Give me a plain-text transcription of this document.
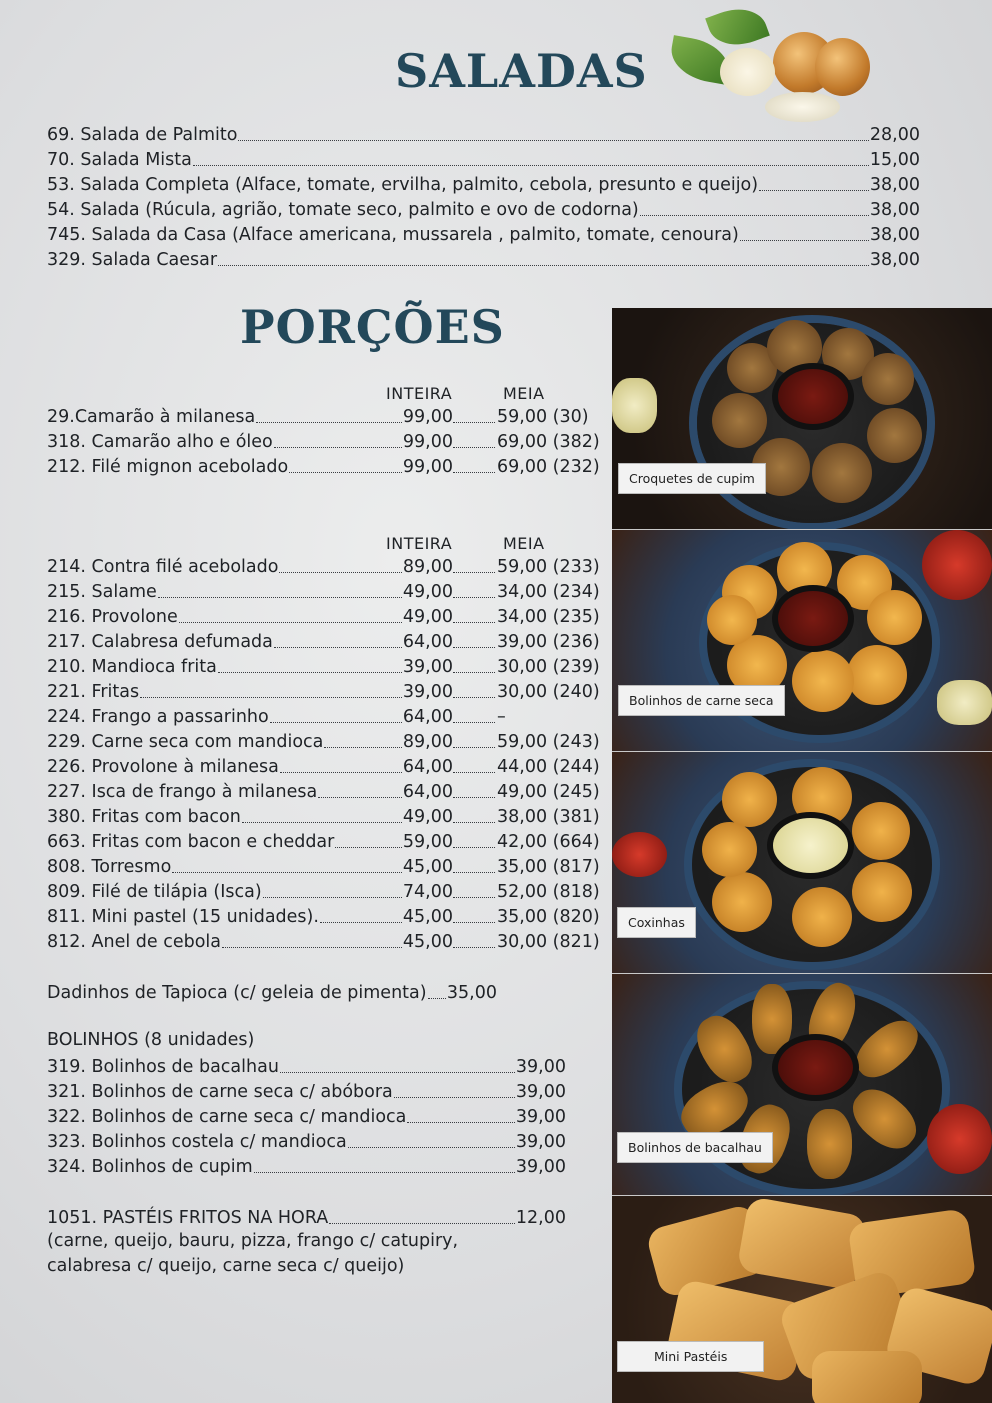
SALADAS
69. Salada de Palmito	28,00
70. Salada Mista	15,00
53. Salada Completa (Alface, tomate, ervilha, palmito, cebola, presunto e queijo)	38,00
54. Salada (Rúcula, agrião, tomate seco, palmito e ovo de codorna)	38,00
745. Salada da Casa (Alface americana, mussarela , palmito, tomate, cenoura)	38,00
329. Salada Caesar	38,00
PORÇÕES
INTEIRA	MEIA
29.Camarão à milanesa	99,00	59,00 (30)
318. Camarão alho e óleo	99,00	69,00 (382)
212. Filé mignon acebolado	99,00	69,00 (232)
INTEIRA	MEIA
214. Contra filé acebolado	89,00	59,00 (233)
215. Salame	49,00	34,00 (234)
216. Provolone	49,00	34,00 (235)
217. Calabresa defumada	64,00	39,00 (236)
210. Mandioca frita	39,00	30,00 (239)
221. Fritas	39,00	30,00 (240)
224. Frango a passarinho	64,00	–
229. Carne seca com mandioca	89,00	59,00 (243)
226. Provolone à milanesa	64,00	44,00 (244)
227. Isca de frango à milanesa	64,00	49,00 (245)
380. Fritas com bacon	49,00	38,00 (381)
663. Fritas com bacon e cheddar	59,00	42,00 (664)
808. Torresmo	45,00	35,00 (817)
809. Filé de tilápia (Isca)	74,00	52,00 (818)
811. Mini pastel (15 unidades).	45,00	35,00 (820)
812. Anel de cebola	45,00	30,00 (821)
Dadinhos de Tapioca (c/ geleia de pimenta) 35,00
BOLINHOS (8 unidades)
319. Bolinhos de bacalhau	39,00
321. Bolinhos de carne seca c/ abóbora	39,00
322. Bolinhos de carne seca c/ mandioca	39,00
323. Bolinhos costela c/ mandioca	39,00
324. Bolinhos de cupim	39,00
1051. PASTÉIS FRITOS NA HORA	12,00
(carne, queijo, bauru, pizza, frango c/ catupiry,
calabresa c/ queijo, carne seca c/ queijo)
Croquetes de cupim
Bolinhos de carne seca
Coxinhas
Bolinhos de bacalhau
Mini Pastéis
